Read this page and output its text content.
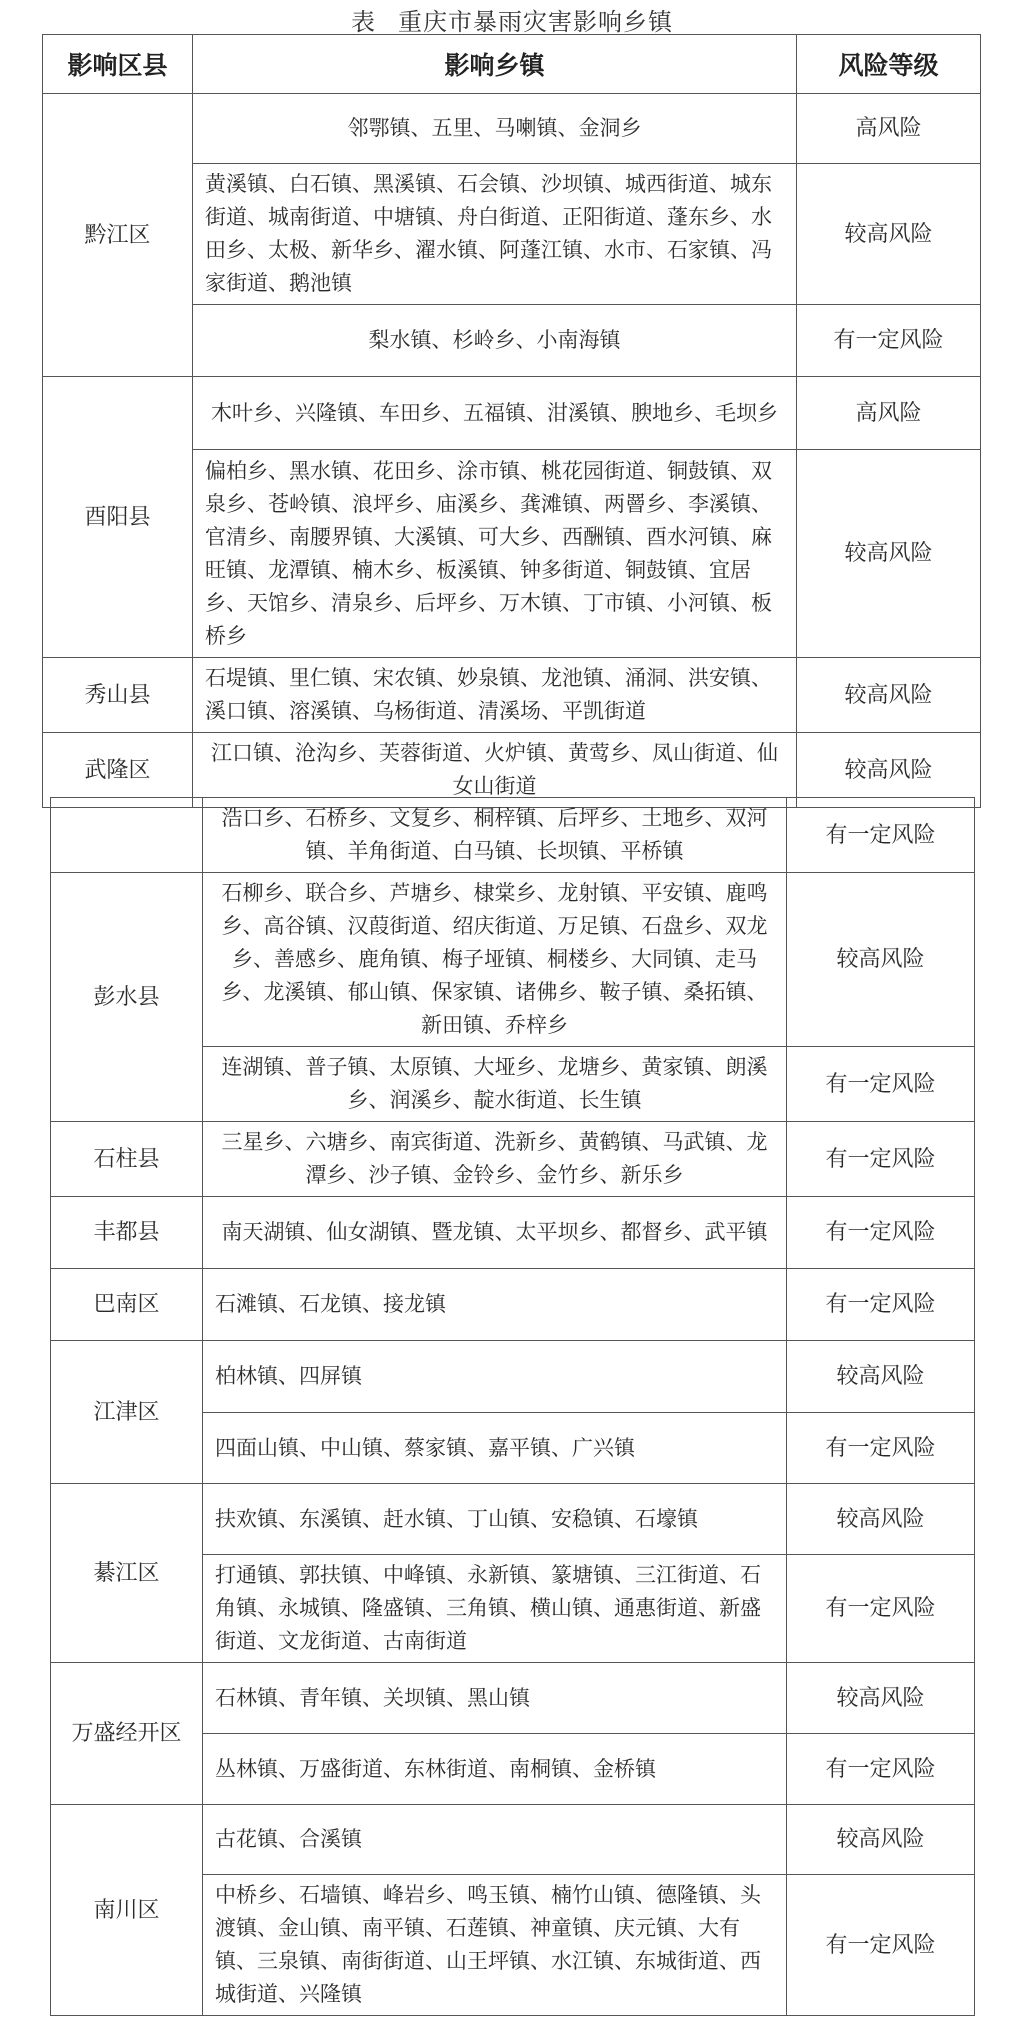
表 重庆市暴雨灾害影响乡镇
影响区县	影响乡镇	风险等级
黔江区	邻鄂镇、五里、马喇镇、金洞乡	高风险
	黄溪镇、白石镇、黑溪镇、石会镇、沙坝镇、城西街道、城东街道、城南街道、中塘镇、舟白街道、正阳街道、蓬东乡、水田乡、太极、新华乡、濯水镇、阿蓬江镇、水市、石家镇、冯家街道、鹅池镇	较高风险
	梨水镇、杉岭乡、小南海镇	有一定风险
酉阳县	木叶乡、兴隆镇、车田乡、五福镇、泔溪镇、腴地乡、毛坝乡	高风险
	偏柏乡、黑水镇、花田乡、涂市镇、桃花园街道、铜鼓镇、双泉乡、苍岭镇、浪坪乡、庙溪乡、龚滩镇、两罾乡、李溪镇、官清乡、南腰界镇、大溪镇、可大乡、西酬镇、酉水河镇、麻旺镇、龙潭镇、楠木乡、板溪镇、钟多街道、铜鼓镇、宜居乡、天馆乡、清泉乡、后坪乡、万木镇、丁市镇、小河镇、板桥乡	较高风险
秀山县	石堤镇、里仁镇、宋农镇、妙泉镇、龙池镇、涌洞、洪安镇、溪口镇、溶溪镇、乌杨街道、清溪场、平凯街道	较高风险
武隆区	江口镇、沧沟乡、芙蓉街道、火炉镇、黄莺乡、凤山街道、仙女山街道	较高风险
	浩口乡、石桥乡、文复乡、桐梓镇、后坪乡、土地乡、双河镇、羊角街道、白马镇、长坝镇、平桥镇	有一定风险
彭水县	石柳乡、联合乡、芦塘乡、棣棠乡、龙射镇、平安镇、鹿鸣乡、高谷镇、汉葭街道、绍庆街道、万足镇、石盘乡、双龙乡、善感乡、鹿角镇、梅子垭镇、桐楼乡、大同镇、走马乡、龙溪镇、郁山镇、保家镇、诸佛乡、鞍子镇、桑拓镇、新田镇、乔梓乡	较高风险
	连湖镇、普子镇、太原镇、大垭乡、龙塘乡、黄家镇、朗溪乡、润溪乡、靛水街道、长生镇	有一定风险
石柱县	三星乡、六塘乡、南宾街道、洗新乡、黄鹤镇、马武镇、龙潭乡、沙子镇、金铃乡、金竹乡、新乐乡	有一定风险
丰都县	南天湖镇、仙女湖镇、暨龙镇、太平坝乡、都督乡、武平镇	有一定风险
巴南区	石滩镇、石龙镇、接龙镇	有一定风险
江津区	柏林镇、四屏镇	较高风险
	四面山镇、中山镇、蔡家镇、嘉平镇、广兴镇	有一定风险
綦江区	扶欢镇、东溪镇、赶水镇、丁山镇、安稳镇、石壕镇	较高风险
	打通镇、郭扶镇、中峰镇、永新镇、篆塘镇、三江街道、石角镇、永城镇、隆盛镇、三角镇、横山镇、通惠街道、新盛街道、文龙街道、古南街道	有一定风险
万盛经开区	石林镇、青年镇、关坝镇、黑山镇	较高风险
	丛林镇、万盛街道、东林街道、南桐镇、金桥镇	有一定风险
南川区	古花镇、合溪镇	较高风险
	中桥乡、石墙镇、峰岩乡、鸣玉镇、楠竹山镇、德隆镇、头渡镇、金山镇、南平镇、石莲镇、神童镇、庆元镇、大有镇、三泉镇、南街街道、山王坪镇、水江镇、东城街道、西城街道、兴隆镇	有一定风险
